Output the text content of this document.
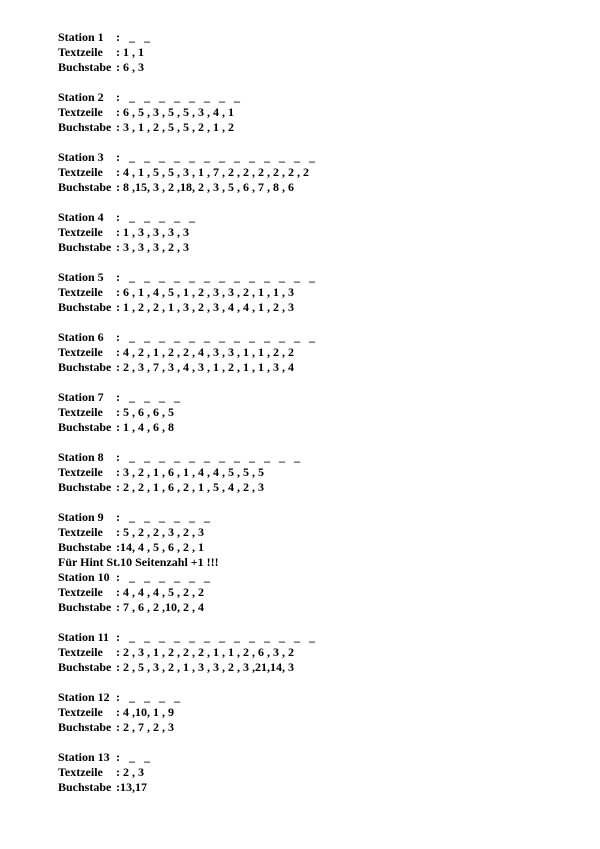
Station 1 :  _  _
Textzeile : 1 , 1
Buchstabe : 6 , 3
Station 2 :  _  _  _  _  _  _  _  _
Textzeile : 6 , 5 , 3 , 5 , 5 , 3 , 4 , 1
Buchstabe : 3 , 1 , 2 , 5 , 5 , 2 , 1 , 2
Station 3 :  _  _  _  _  _  _  _  _  _  _  _  _  _
Textzeile : 4 , 1 , 5 , 5 , 3 , 1 , 7 , 2 , 2 , 2 , 2 , 2 , 2
Buchstabe : 8 ,15, 3 , 2 ,18, 2 , 3 , 5 , 6 , 7 , 8 , 6
Station 4 :  _  _  _  _  _
Textzeile : 1 , 3 , 3 , 3 , 3
Buchstabe : 3 , 3 , 3 , 2 , 3
Station 5 :  _  _  _  _  _  _  _  _  _  _  _  _  _
Textzeile : 6 , 1 , 4 , 5 , 1 , 2 , 3 , 3 , 2 , 1 , 1 , 3
Buchstabe : 1 , 2 , 2 , 1 , 3 , 2 , 3 , 4 , 4 , 1 , 2 , 3
Station 6 :  _  _  _  _  _  _  _  _  _  _  _  _  _
Textzeile : 4 , 2 , 1 , 2 , 2 , 4 , 3 , 3 , 1 , 1 , 2 , 2
Buchstabe : 2 , 3 , 7 , 3 , 4 , 3 , 1 , 2 , 1 , 1 , 3 , 4
Station 7 :  _  _  _  _
Textzeile : 5 , 6 , 6 , 5
Buchstabe : 1 , 4 , 6 , 8
Station 8 :  _  _  _  _  _  _  _  _  _  _  _  _
Textzeile : 3 , 2 , 1 , 6 , 1 , 4 , 4 , 5 , 5 , 5
Buchstabe : 2 , 2 , 1 , 6 , 2 , 1 , 5 , 4 , 2 , 3
Station 9 :  _  _  _  _  _  _
Textzeile : 5 , 2 , 2 , 3 , 2 , 3
Buchstabe :14, 4 , 5 , 6 , 2 , 1
Für Hint St.10 Seitenzahl +1 !!!
Station 10 :  _  _  _  _  _  _
Textzeile : 4 , 4 , 4 , 5 , 2 , 2
Buchstabe : 7 , 6 , 2 ,10, 2 , 4
Station 11 :  _  _  _  _  _  _  _  _  _  _  _  _  _
Textzeile : 2 , 3 , 1 , 2 , 2 , 2 , 1 , 1 , 2 , 6 , 3 , 2
Buchstabe : 2 , 5 , 3 , 2 , 1 , 3 , 3 , 2 , 3 ,21,14, 3
Station 12 :  _  _  _  _
Textzeile : 4 ,10, 1 , 9
Buchstabe : 2 , 7 , 2 , 3
Station 13 :  _  _
Textzeile : 2 , 3
Buchstabe :13,17
